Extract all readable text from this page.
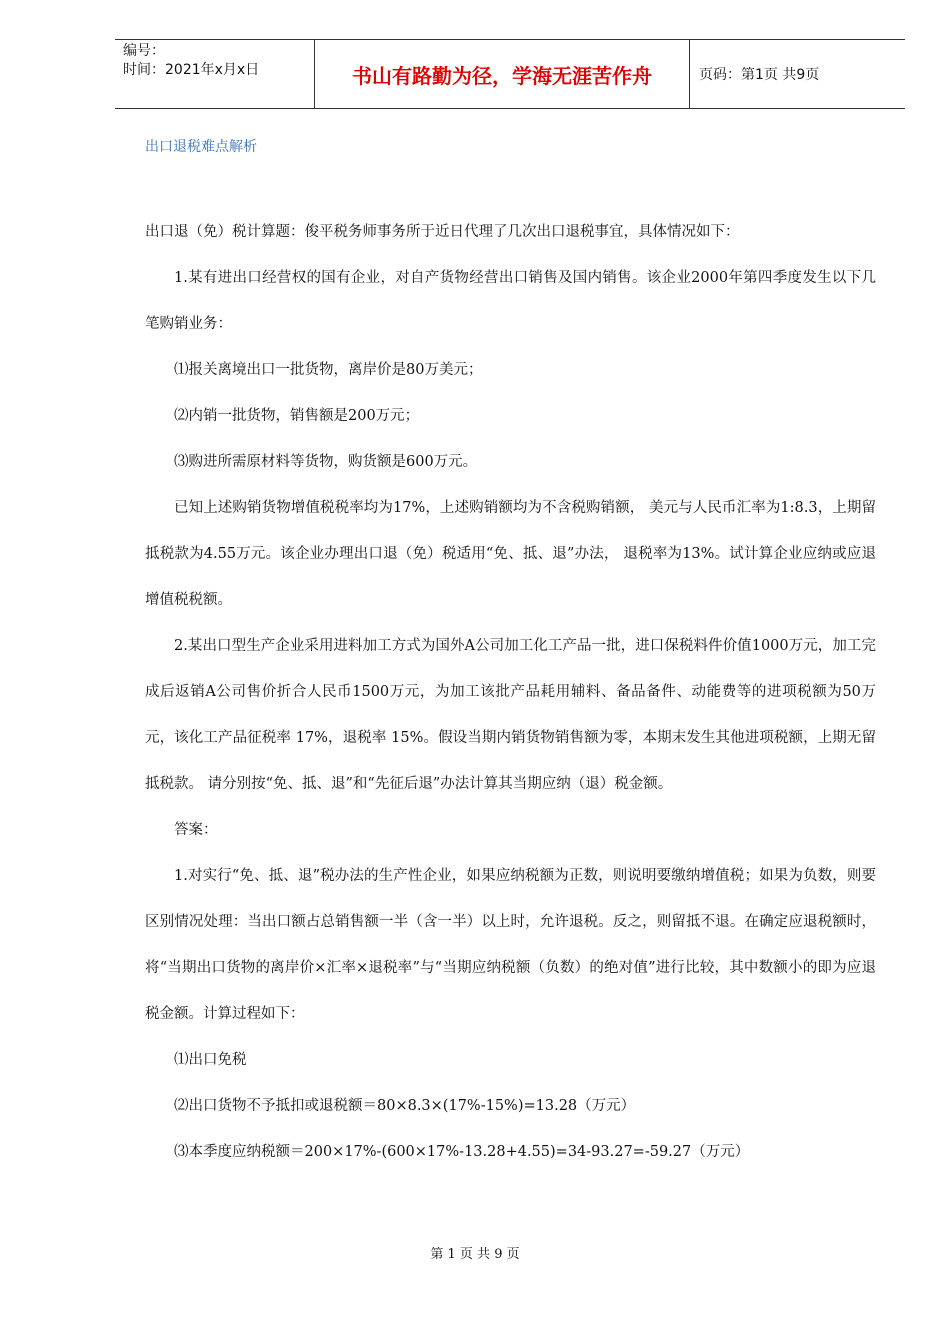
编号：
时间：2021年x月x日	书山有路勤为径，学海无涯苦作舟	页码：第1页 共9页
出口退税难点解析

出口退（免）税计算题：俊平税务师事务所于近日代理了几次出口退税事宜，具体情况如下：

1.某有进出口经营权的国有企业，对自产货物经营出口销售及国内销售。该企业2000年第四季度发生以下几笔购销业务：

⑴报关离境出口一批货物，离岸价是80万美元；

⑵内销一批货物，销售额是200万元；

⑶购进所需原材料等货物，购货额是600万元。

已知上述购销货物增值税税率均为17%，上述购销额均为不含税购销额， 美元与人民币汇率为1:8.3，上期留抵税款为4.55万元。该企业办理出口退（免）税适用“免、抵、退”办法， 退税率为13%。试计算企业应纳或应退增值税税额。

2.某出口型生产企业采用进料加工方式为国外A公司加工化工产品一批，进口保税料件价值1000万元，加工完成后返销A公司售价折合人民币1500万元，为加工该批产品耗用辅料、备品备件、动能费等的进项税额为50万元，该化工产品征税率 17%，退税率 15%。假设当期内销货物销售额为零，本期末发生其他进项税额，上期无留抵税款。 请分别按“免、抵、退”和“先征后退”办法计算其当期应纳（退）税金额。

答案：

1.对实行“免、抵、退”税办法的生产性企业，如果应纳税额为正数，则说明要缴纳增值税；如果为负数，则要区别情况处理：当出口额占总销售额一半（含一半）以上时，允许退税。反之，则留抵不退。在确定应退税额时，将“当期出口货物的离岸价×汇率×退税率”与“当期应纳税额（负数）的绝对值”进行比较，其中数额小的即为应退税金额。计算过程如下：

⑴出口免税

⑵出口货物不予抵扣或退税额＝80×8.3×(17%-15%)=13.28（万元）

⑶本季度应纳税额＝200×17%-(600×17%-13.28+4.55)=34-93.27=-59.27（万元）

第 1 页 共 9 页
